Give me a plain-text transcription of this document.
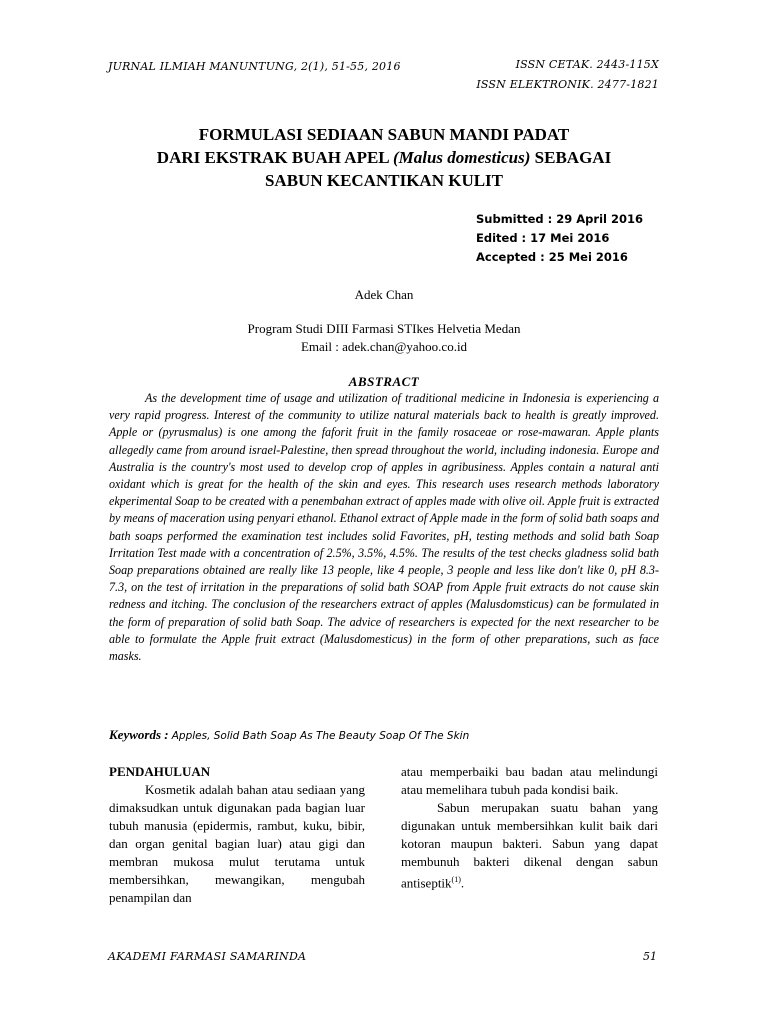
JURNAL ILMIAH MANUNTUNG, 2(1), 51-55, 2016	ISSN CETAK. 2443-115X
ISSN ELEKTRONIK. 2477-1821
FORMULASI SEDIAAN SABUN MANDI PADAT
DARI EKSTRAK BUAH APEL (Malus domesticus) SEBAGAI
SABUN KECANTIKAN KULIT
Submitted : 29 April 2016
Edited : 17 Mei 2016
Accepted : 25 Mei 2016
Adek Chan
Program Studi DIII Farmasi STIkes Helvetia Medan
Email : adek.chan@yahoo.co.id
ABSTRACT

As the development time of usage and utilization of traditional medicine in Indonesia is experiencing a very rapid progress. Interest of the community to utilize natural materials back to health is greatly improved. Apple or (pyrusmalus) is one among the faforit fruit in the family rosaceae or rose-mawaran. Apple plants allegedly came from around israel-Palestine, then spread throughout the world, including indonesia. Europe and Australia is the country's most used to develop crop of apples in agribusiness. Apples contain a natural anti oxidant which is great for the health of the skin and eyes. This research uses research methods laboratory ekperimental Soap to be created with a penembahan extract of apples made with olive oil. Apple fruit is extracted by means of maceration using penyari ethanol. Ethanol extract of Apple made in the form of solid bath soaps and bath soaps performed the examination test includes solid Favorites, pH, testing methods and solid bath Soap Irritation Test made with a concentration of 2.5%, 3.5%, 4.5%. The results of the test checks gladness solid bath Soap preparations obtained are really like 13 people, like 4 people, 3 people and less like don't like 0, pH 8.3-7.3, on the test of irritation in the preparations of solid bath SOAP from Apple fruit extracts do not cause skin redness and itching. The conclusion of the researchers extract of apples (Malusdomsticus) can be formulated in the form of preparation of solid bath Soap. The advice of researchers is expected for the next researcher to be able to formulate the Apple fruit extract (Malusdomesticus) in the form of other preparations, such as face masks.

Keywords : Apples, Solid Bath Soap As The Beauty Soap Of The Skin

PENDAHULUAN

Kosmetik adalah bahan atau sediaan yang dimaksudkan untuk digunakan pada bagian luar tubuh manusia (epidermis, rambut, kuku, bibir, dan organ genital bagian luar) atau gigi dan membran mukosa mulut terutama untuk membersihkan, mewangikan, mengubah penampilan dan

atau memperbaiki bau badan atau melindungi atau memelihara tubuh pada kondisi baik.

Sabun merupakan suatu bahan yang digunakan untuk membersihkan kulit baik dari kotoran maupun bakteri. Sabun yang dapat membunuh bakteri dikenal dengan sabun antiseptik$^{(1)}$.

AKADEMI FARMASI SAMARINDA	51
